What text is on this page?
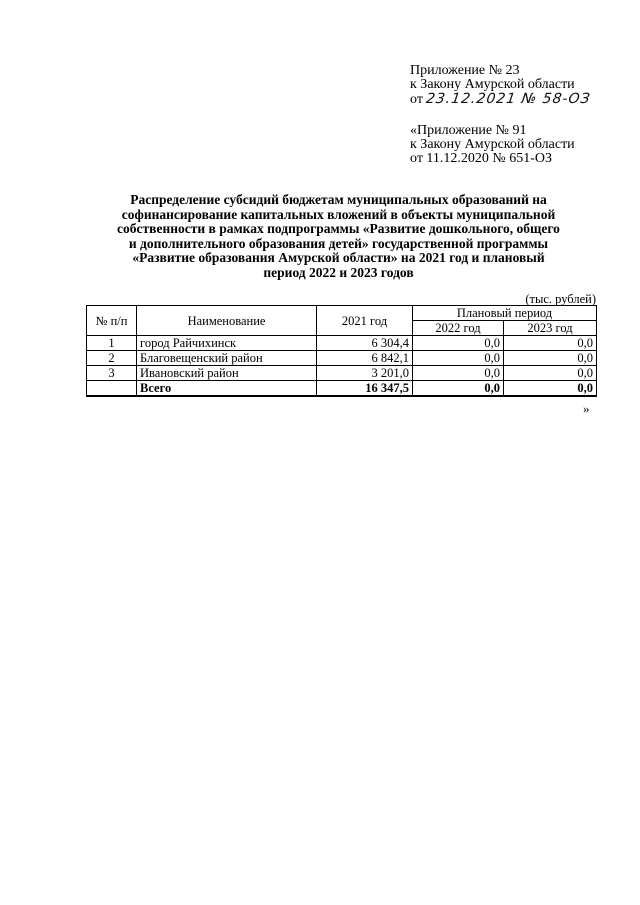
Приложение № 23
к Закону Амурской области
от 23.12.2021 № 58-ОЗ
«Приложение № 91
к Закону Амурской области
от 11.12.2020 № 651-ОЗ
Распределение субсидий бюджетам муниципальных образований на
софинансирование капитальных вложений в объекты муниципальной
собственности в рамках подпрограммы «Развитие дошкольного, общего
и дополнительного образования детей» государственной программы
«Развитие образования Амурской области» на 2021 год и плановый
период 2022 и 2023 годов
(тыс. рублей)
№ п/п	Наименование	2021 год	Плановый период	
			2022 год	2023 год
1	город Райчихинск	6 304,4	0,0	0,0
2	Благовещенский район	6 842,1	0,0	0,0
3	Ивановский район	3 201,0	0,0	0,0
	Всего	16 347,5	0,0	0,0
»
